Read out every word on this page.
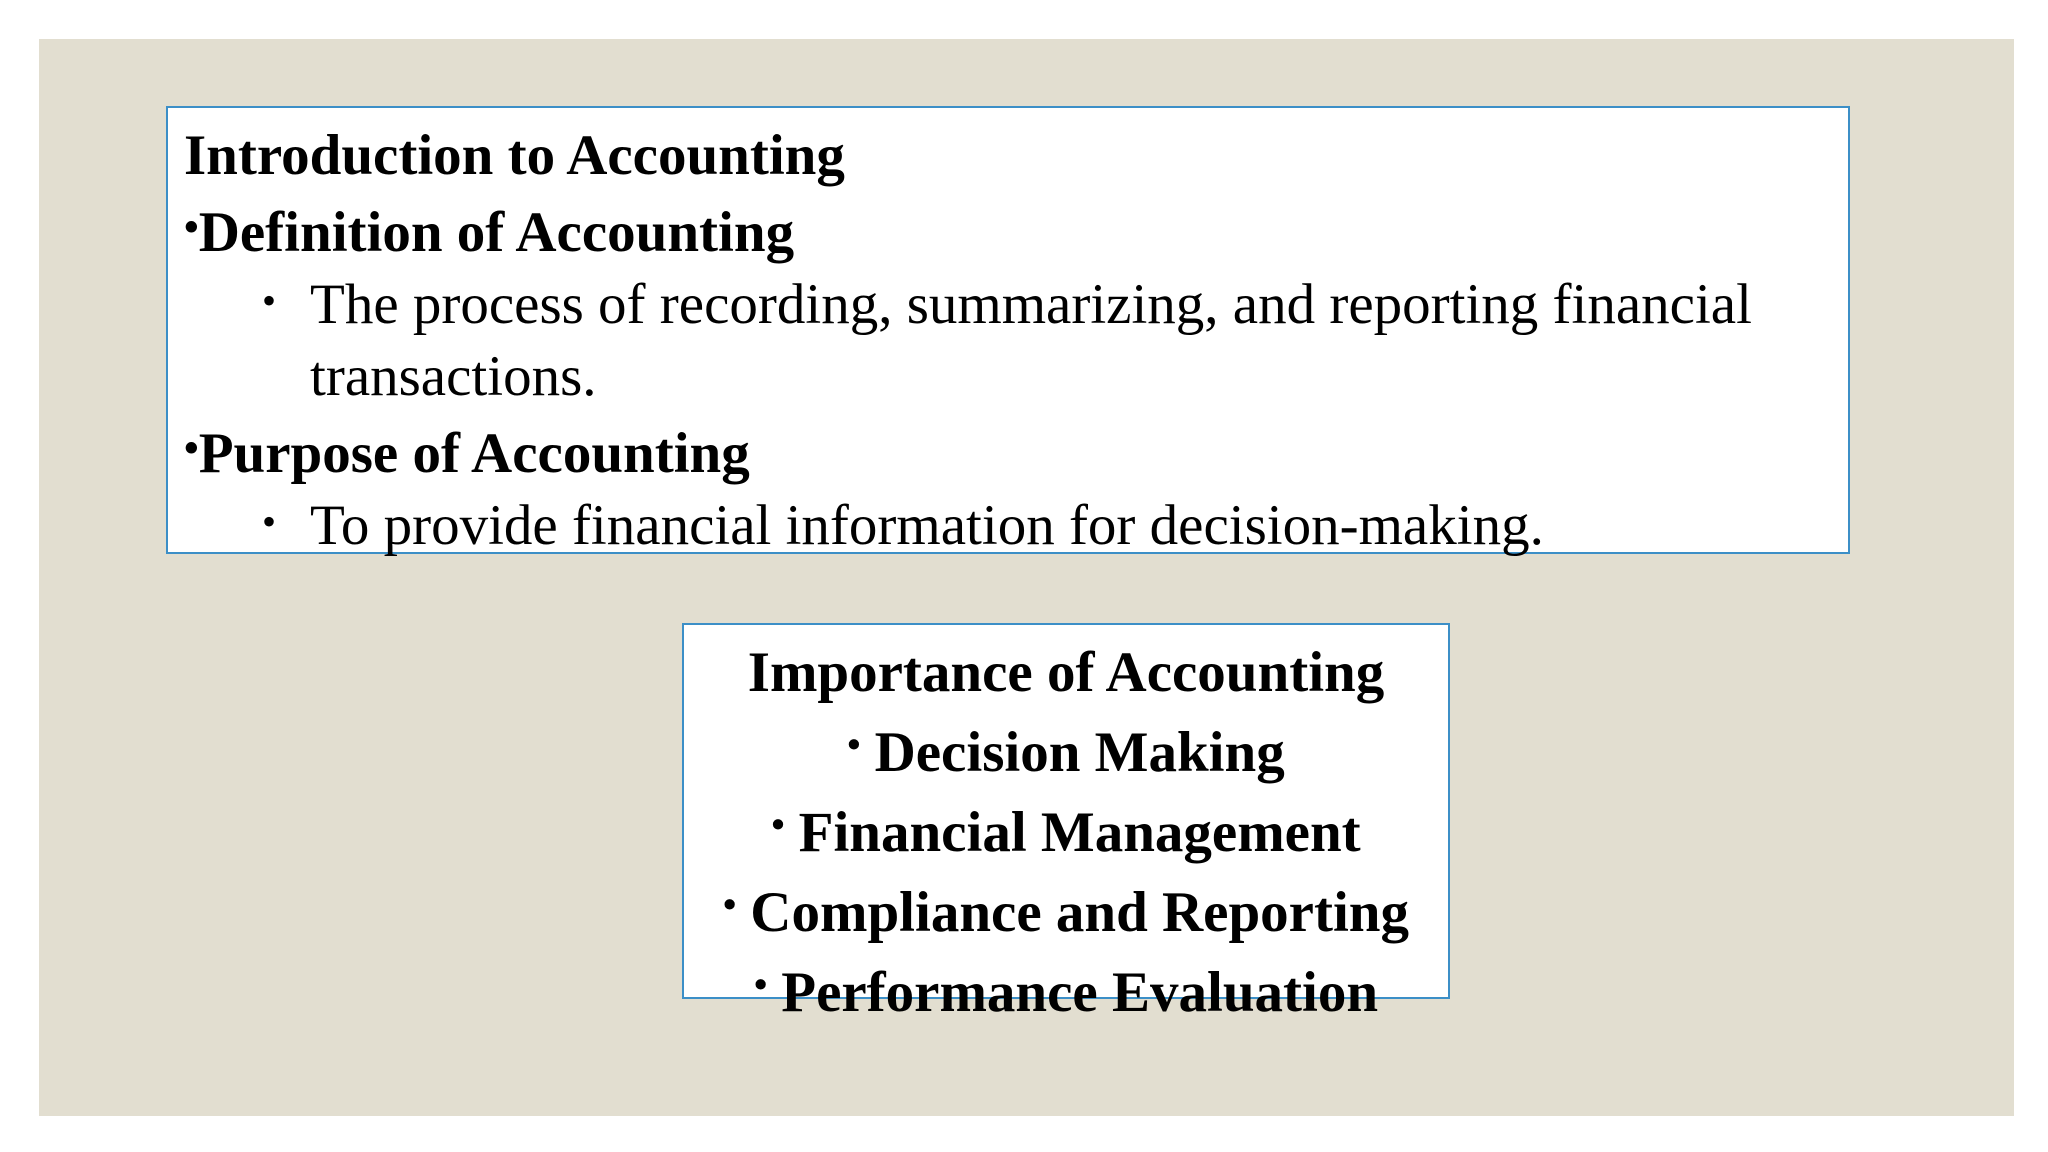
Introduction to Accounting
•Definition of Accounting
• The process of recording, summarizing, and reporting financial
transactions.
•Purpose of Accounting
• To provide financial information for decision-making.
Importance of Accounting
• Decision Making
• Financial Management
• Compliance and Reporting
• Performance Evaluation
